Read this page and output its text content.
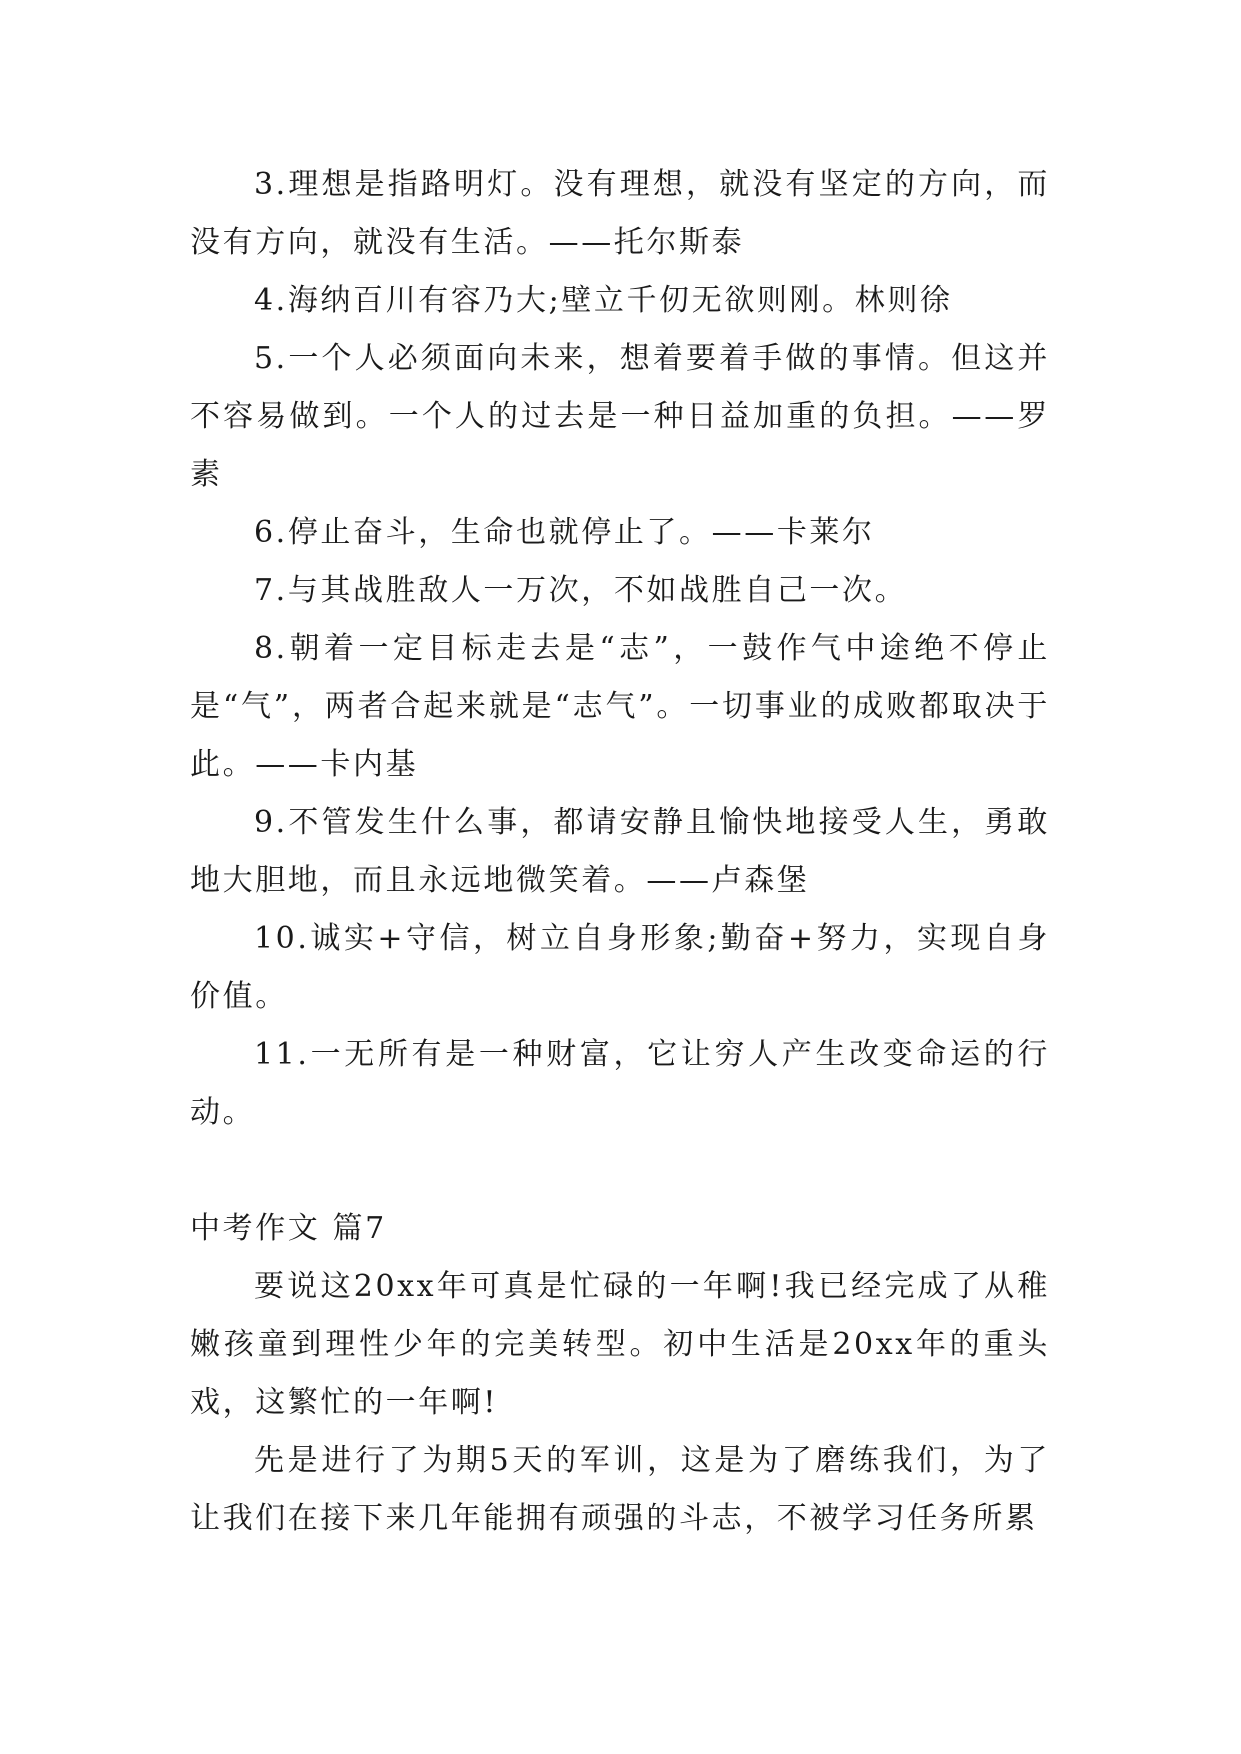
3.理想是指路明灯。没有理想，就没有坚定的方向，而没有方向，就没有生活。——托尔斯泰

4.海纳百川有容乃大;壁立千仞无欲则刚。林则徐

5.一个人必须面向未来，想着要着手做的事情。但这并不容易做到。一个人的过去是一种日益加重的负担。——罗素

6.停止奋斗，生命也就停止了。——卡莱尔

7.与其战胜敌人一万次，不如战胜自己一次。

8.朝着一定目标走去是“志”，一鼓作气中途绝不停止是“气”，两者合起来就是“志气”。一切事业的成败都取决于此。——卡内基

9.不管发生什么事，都请安静且愉快地接受人生，勇敢地大胆地，而且永远地微笑着。——卢森堡

10.诚实+守信，树立自身形象;勤奋+努力，实现自身价值。

11.一无所有是一种财富，它让穷人产生改变命运的行动。

中考作文 篇7

要说这20xx年可真是忙碌的一年啊!我已经完成了从稚嫩孩童到理性少年的完美转型。初中生活是20xx年的重头戏，这繁忙的一年啊!

先是进行了为期5天的军训，这是为了磨练我们，为了让我们在接下来几年能拥有顽强的斗志，不被学习任务所累
